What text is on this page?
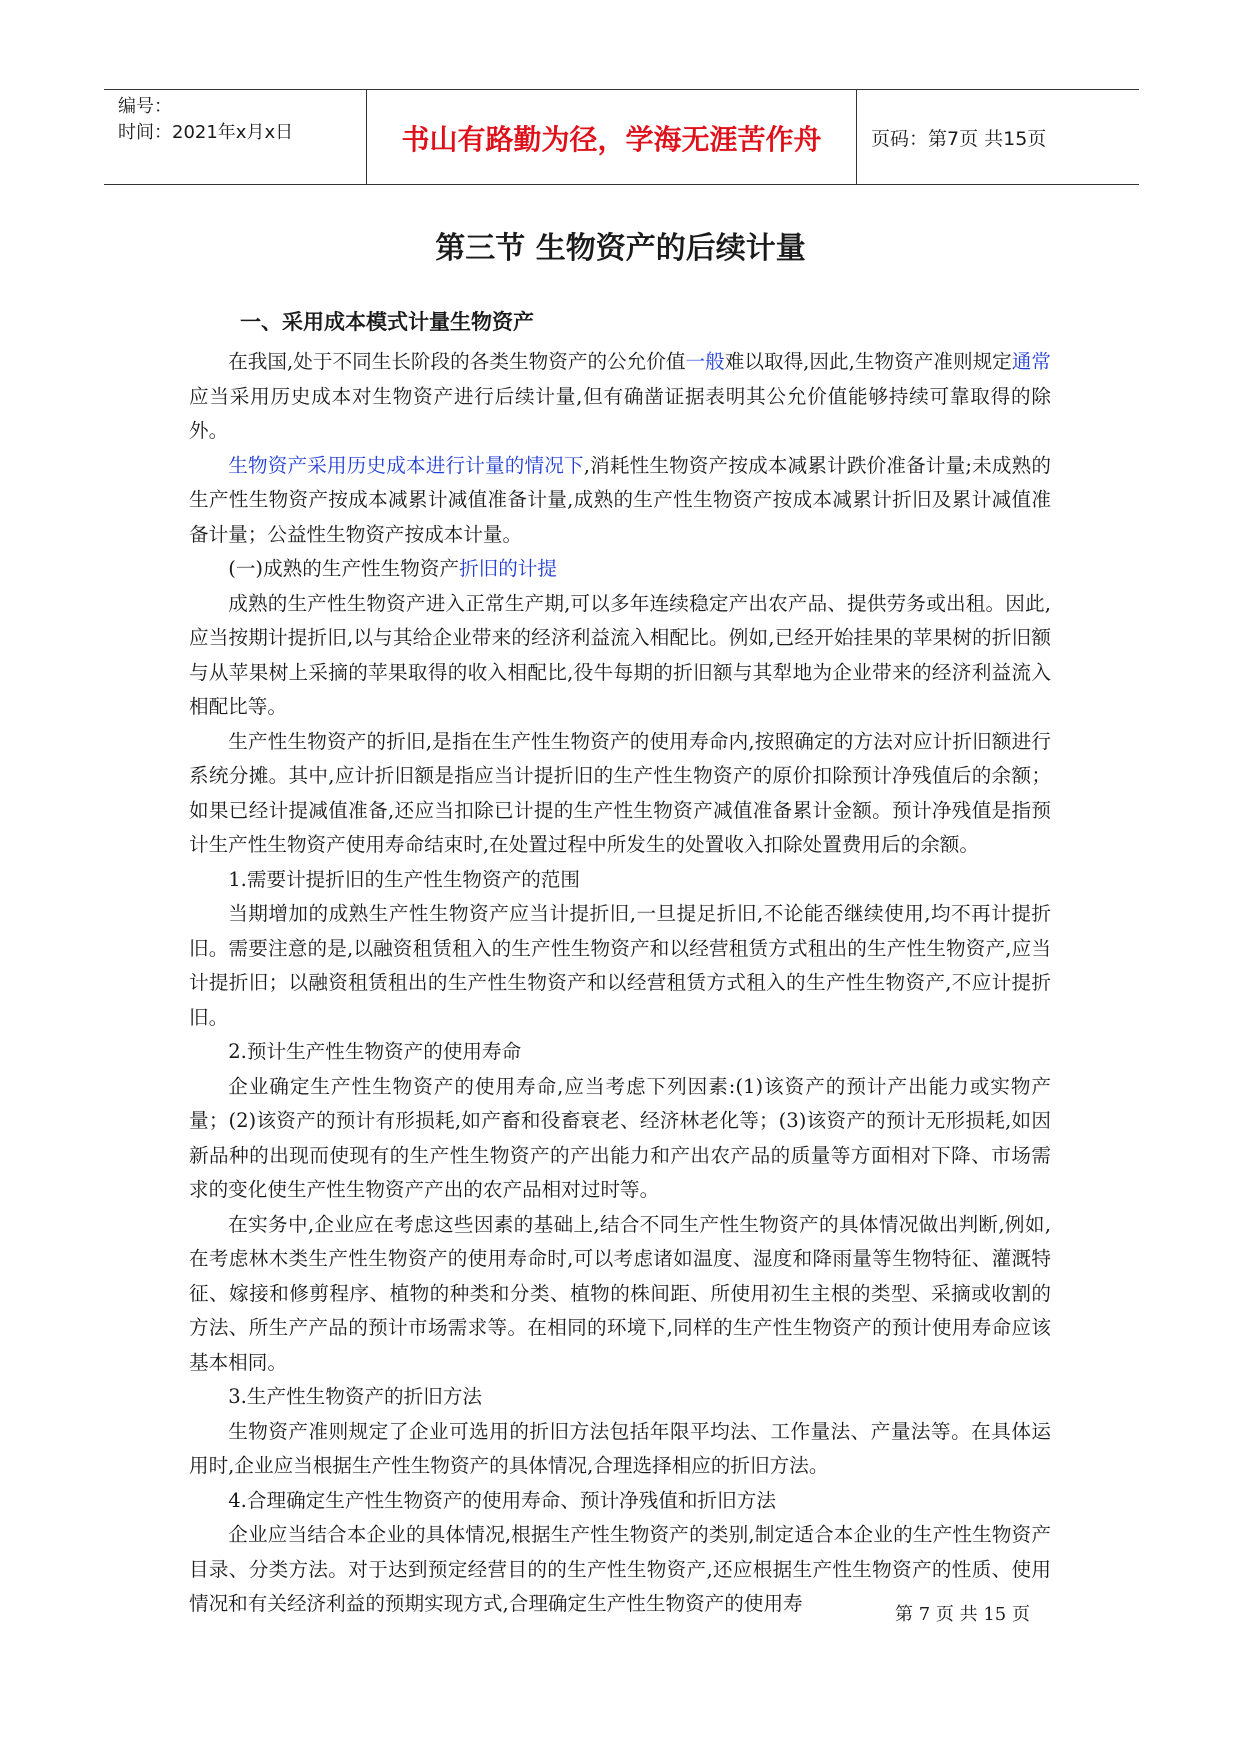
编号：
时间：2021年x月x日	书山有路勤为径，学海无涯苦作舟	页码：第7页 共15页
第三节 生物资产的后续计量
一、采用成本模式计量生物资产

在我国,处于不同生长阶段的各类生物资产的公允价值一般难以取得,因此,生物资产准则规定通常应当采用历史成本对生物资产进行后续计量,但有确凿证据表明其公允价值能够持续可靠取得的除外。

生物资产采用历史成本进行计量的情况下,消耗性生物资产按成本减累计跌价准备计量;未成熟的生产性生物资产按成本减累计减值准备计量,成熟的生产性生物资产按成本减累计折旧及累计减值准备计量；公益性生物资产按成本计量。

(一)成熟的生产性生物资产折旧的计提

成熟的生产性生物资产进入正常生产期,可以多年连续稳定产出农产品、提供劳务或出租。因此,应当按期计提折旧,以与其给企业带来的经济利益流入相配比。例如,已经开始挂果的苹果树的折旧额与从苹果树上采摘的苹果取得的收入相配比,役牛每期的折旧额与其犁地为企业带来的经济利益流入相配比等。

生产性生物资产的折旧,是指在生产性生物资产的使用寿命内,按照确定的方法对应计折旧额进行系统分摊。其中,应计折旧额是指应当计提折旧的生产性生物资产的原价扣除预计净残值后的余额；如果已经计提减值准备,还应当扣除已计提的生产性生物资产减值准备累计金额。预计净残值是指预计生产性生物资产使用寿命结束时,在处置过程中所发生的处置收入扣除处置费用后的余额。

1.需要计提折旧的生产性生物资产的范围

当期增加的成熟生产性生物资产应当计提折旧,一旦提足折旧,不论能否继续使用,均不再计提折旧。需要注意的是,以融资租赁租入的生产性生物资产和以经营租赁方式租出的生产性生物资产,应当计提折旧；以融资租赁租出的生产性生物资产和以经营租赁方式租入的生产性生物资产,不应计提折旧。

2.预计生产性生物资产的使用寿命

企业确定生产性生物资产的使用寿命,应当考虑下列因素:(1)该资产的预计产出能力或实物产量；(2)该资产的预计有形损耗,如产畜和役畜衰老、经济林老化等；(3)该资产的预计无形损耗,如因新品种的出现而使现有的生产性生物资产的产出能力和产出农产品的质量等方面相对下降、市场需求的变化使生产性生物资产产出的农产品相对过时等。

在实务中,企业应在考虑这些因素的基础上,结合不同生产性生物资产的具体情况做出判断,例如,在考虑林木类生产性生物资产的使用寿命时,可以考虑诸如温度、湿度和降雨量等生物特征、灌溉特征、嫁接和修剪程序、植物的种类和分类、植物的株间距、所使用初生主根的类型、采摘或收割的方法、所生产产品的预计市场需求等。在相同的环境下,同样的生产性生物资产的预计使用寿命应该基本相同。

3.生产性生物资产的折旧方法

生物资产准则规定了企业可选用的折旧方法包括年限平均法、工作量法、产量法等。在具体运用时,企业应当根据生产性生物资产的具体情况,合理选择相应的折旧方法。

4.合理确定生产性生物资产的使用寿命、预计净残值和折旧方法

企业应当结合本企业的具体情况,根据生产性生物资产的类别,制定适合本企业的生产性生物资产目录、分类方法。对于达到预定经营目的的生产性生物资产,还应根据生产性生物资产的性质、使用情况和有关经济利益的预期实现方式,合理确定生产性生物资产的使用寿	第 7 页 共 15 页
